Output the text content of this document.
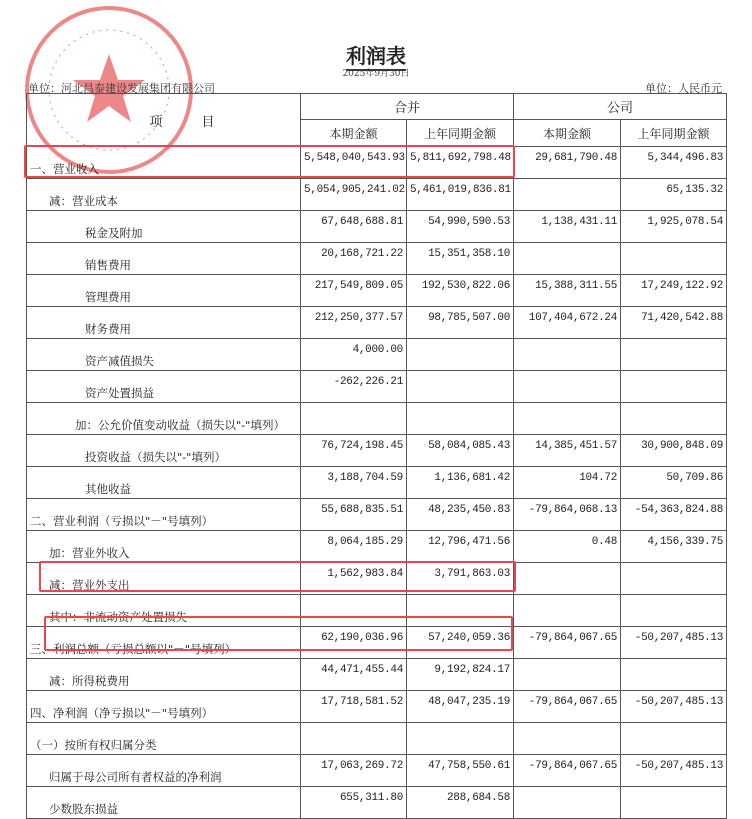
利润表
2025年9月30日
单位：河北昌泰建设发展集团有限公司	单位：人民币元
项　　　目	合并		公司	
	本期金额	上年同期金额	本期金额	上年同期金额
一、营业收入	5,548,040,543.93	5,811,692,798.48	29,681,790.48	5,344,496.83
减：营业成本	5,054,905,241.02	5,461,019,836.81		65,135.32
税金及附加	67,648,688.81	54,990,590.53	1,138,431.11	1,925,078.54
销售费用	20,168,721.22	15,351,358.10		
管理费用	217,549,809.05	192,530,822.06	15,388,311.55	17,249,122.92
财务费用	212,250,377.57	98,785,507.00	107,404,672.24	71,420,542.88
资产减值损失	4,000.00			
资产处置损益	-262,226.21			
加：公允价值变动收益（损失以"-"填列）				
投资收益（损失以"-"填列）	76,724,198.45	58,084,085.43	14,385,451.57	30,900,848.09
其他收益	3,188,704.59	1,136,681.42	104.72	50,709.86
二、营业利润（亏损以"－"号填列）	55,688,835.51	48,235,450.83	-79,864,068.13	-54,363,824.88
加：营业外收入	8,064,185.29	12,796,471.56	0.48	4,156,339.75
减：营业外支出	1,562,983.84	3,791,863.03		
其中：非流动资产处置损失				
三、利润总额（亏损总额以"－"号填列）	62,190,036.96	57,240,059.36	-79,864,067.65	-50,207,485.13
减：所得税费用	44,471,455.44	9,192,824.17		
四、净利润（净亏损以"－"号填列）	17,718,581.52	48,047,235.19	-79,864,067.65	-50,207,485.13
（一）按所有权归属分类				
归属于母公司所有者权益的净利润	17,063,269.72	47,758,550.61	-79,864,067.65	-50,207,485.13
少数股东损益	655,311.80	288,684.58		
